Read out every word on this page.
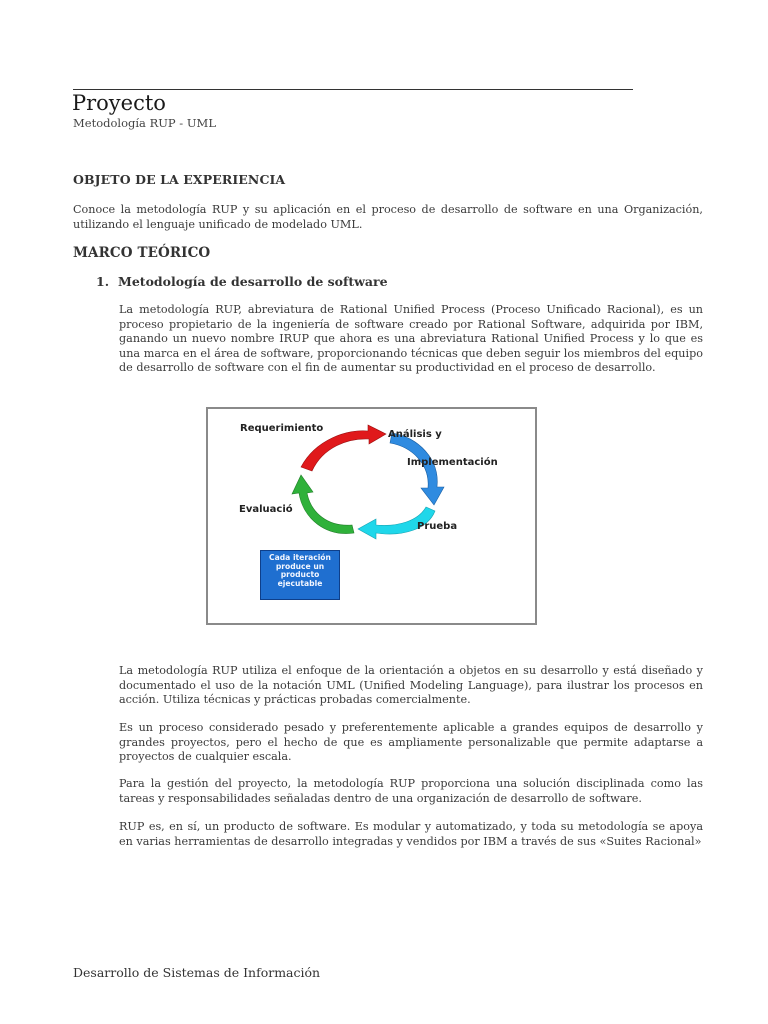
Proyecto
Metodología RUP - UML
OBJETO DE LA EXPERIENCIA

Conoce la metodología RUP y su aplicación en el proceso de desarrollo de software en una Organización, utilizando el lenguaje unificado de modelado UML.

MARCO TEÓRICO
1. Metodología de desarrollo de software

La metodología RUP, abreviatura de Rational Unified Process (Proceso Unificado Racional), es un proceso propietario de la ingeniería de software creado por Rational Software, adquirida por IBM, ganando un nuevo nombre IRUP que ahora es una abreviatura Rational Unified Process y lo que es una marca en el área de software, proporcionando técnicas que deben seguir los miembros del equipo de desarrollo de software con el fin de aumentar su productividad en el proceso de desarrollo.

Requerimiento
Análisis y
Implementación
Evaluació
Prueba
Cada iteración
produce un
producto
ejecutable

La metodología RUP utiliza el enfoque de la orientación a objetos en su desarrollo y está diseñado y documentado el uso de la notación UML (Unified Modeling Language), para ilustrar los procesos en acción. Utiliza técnicas y prácticas probadas comercialmente.

Es un proceso considerado pesado y preferentemente aplicable a grandes equipos de desarrollo y grandes proyectos, pero el hecho de que es ampliamente personalizable que permite adaptarse a proyectos de cualquier escala.

Para la gestión del proyecto, la metodología RUP proporciona una solución disciplinada como las tareas y responsabilidades señaladas dentro de una organización de desarrollo de software.

RUP es, en sí, un producto de software. Es modular y automatizado, y toda su metodología se apoya en varias herramientas de desarrollo integradas y vendidos por IBM a través de sus «Suites Racional»

Desarrollo de Sistemas de Información
